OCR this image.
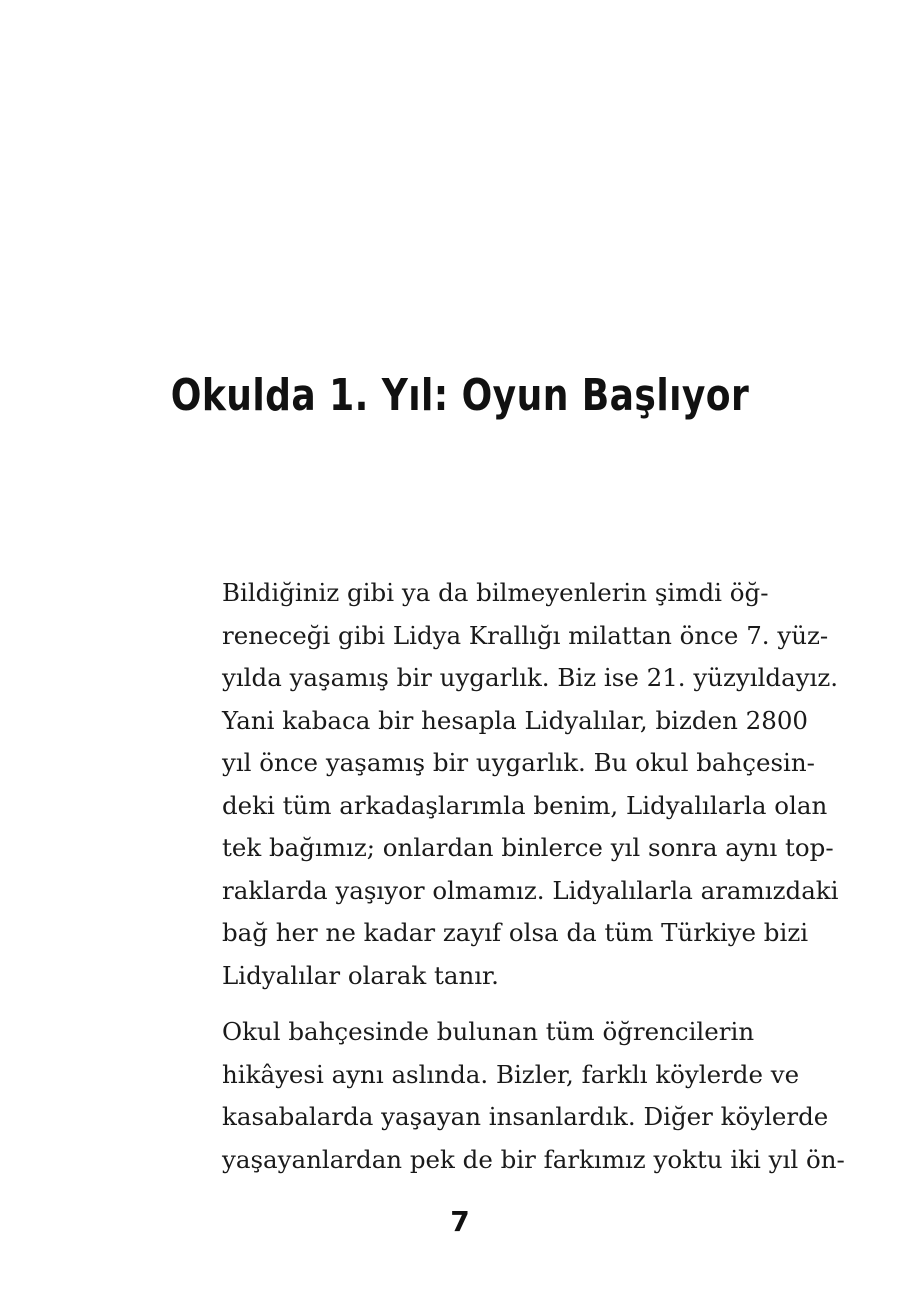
Okulda 1. Yıl: Oyun Başlıyor

Bildiğiniz gibi ya da bilmeyenlerin şimdi öğ-
reneceği gibi Lidya Krallığı milattan önce 7. yüz-
yılda yaşamış bir uygarlık. Biz ise 21. yüzyıldayız.
Yani kabaca bir hesapla Lidyalılar, bizden 2800
yıl önce yaşamış bir uygarlık. Bu okul bahçesin-
deki tüm arkadaşlarımla benim, Lidyalılarla olan
tek bağımız; onlardan binlerce yıl sonra aynı top-
raklarda yaşıyor olmamız. Lidyalılarla aramızdaki
bağ her ne kadar zayıf olsa da tüm Türkiye bizi
Lidyalılar olarak tanır.

Okul bahçesinde bulunan tüm öğrencilerin
hikâyesi aynı aslında. Bizler, farklı köylerde ve
kasabalarda yaşayan insanlardık. Diğer köylerde
yaşayanlardan pek de bir farkımız yoktu iki yıl ön-

7
